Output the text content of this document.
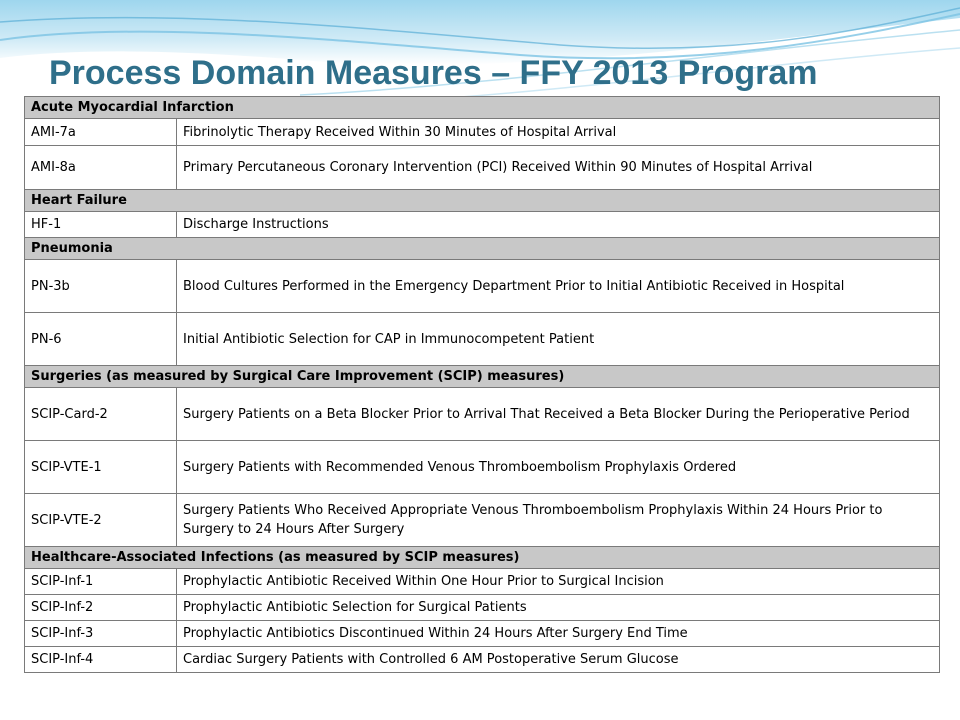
Process Domain Measures – FFY 2013 Program
Acute Myocardial Infarction	
AMI-7a	Fibrinolytic Therapy Received Within 30 Minutes of Hospital Arrival
AMI-8a	Primary Percutaneous Coronary Intervention (PCI) Received Within 90 Minutes of Hospital Arrival
Heart Failure	
HF-1	Discharge Instructions
Pneumonia	
PN-3b	Blood Cultures Performed in the Emergency Department Prior to Initial Antibiotic Received in Hospital
PN-6	Initial Antibiotic Selection for CAP in Immunocompetent Patient
Surgeries (as measured by Surgical Care Improvement (SCIP) measures)	
SCIP-Card-2	Surgery Patients on a Beta Blocker Prior to Arrival That Received a Beta Blocker During the Perioperative Period
SCIP-VTE-1	Surgery Patients with Recommended Venous Thromboembolism Prophylaxis Ordered
SCIP-VTE-2	Surgery Patients Who Received Appropriate Venous Thromboembolism Prophylaxis Within 24 Hours Prior to Surgery to 24 Hours After Surgery
Healthcare-Associated Infections (as measured by SCIP measures)	
SCIP-Inf-1	Prophylactic Antibiotic Received Within One Hour Prior to Surgical Incision
SCIP-Inf-2	Prophylactic Antibiotic Selection for Surgical Patients
SCIP-Inf-3	Prophylactic Antibiotics Discontinued Within 24 Hours After Surgery End Time
SCIP-Inf-4	Cardiac Surgery Patients with Controlled 6 AM Postoperative Serum Glucose
